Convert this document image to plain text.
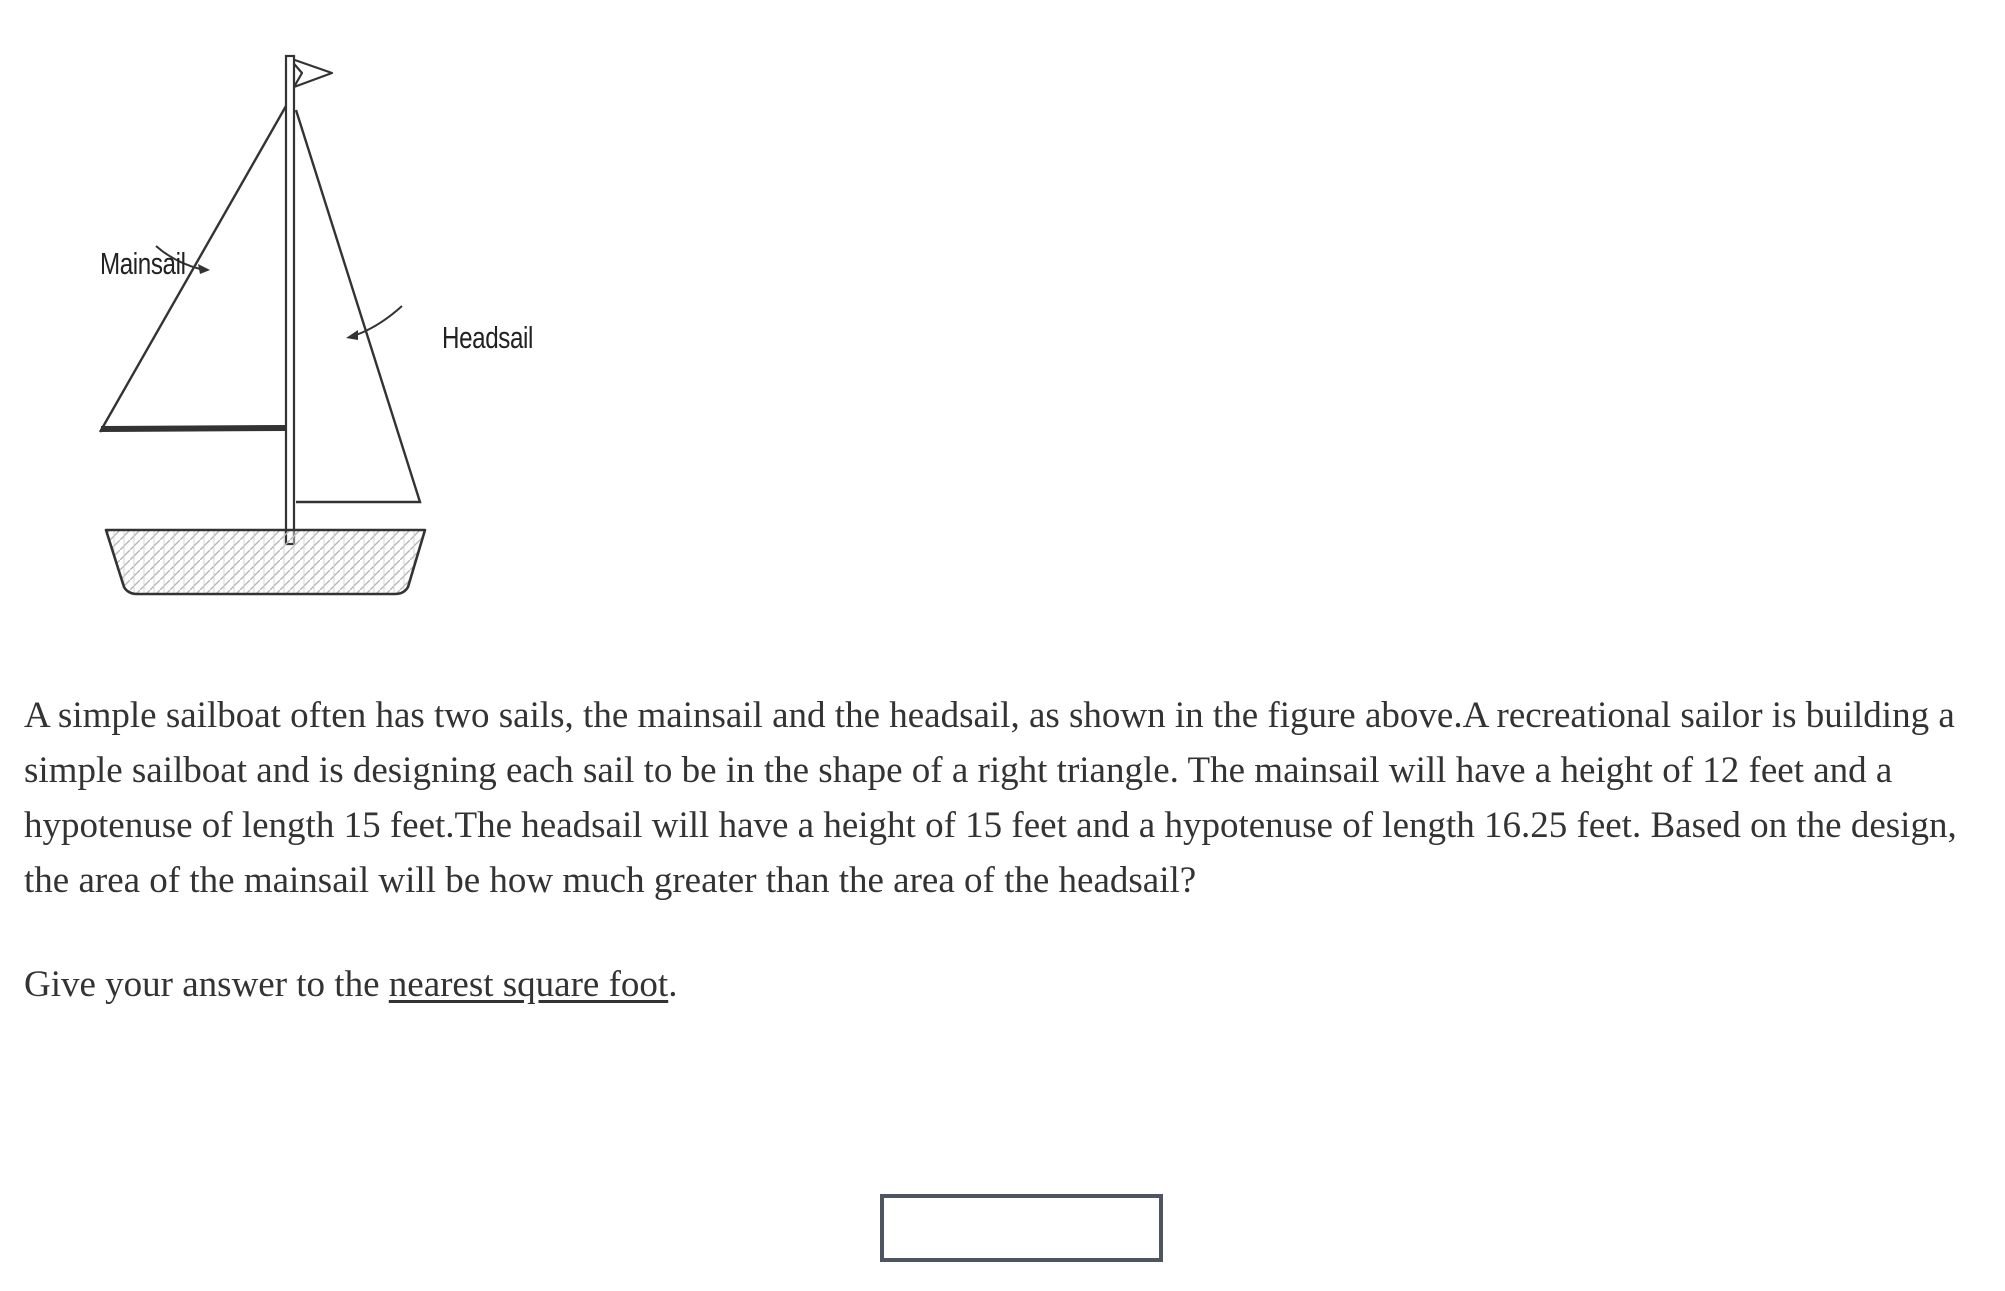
Mainsail
Headsail

A simple sailboat often has two sails, the mainsail and the headsail, as shown in the figure above.A recreational sailor is building a simple sailboat and is designing each sail to be in the shape of a right triangle. The mainsail will have a height of 12 feet and a hypotenuse of length 15 feet.The headsail will have a height of 15 feet and a hypotenuse of length 16.25 feet. Based on the design, the area of the mainsail will be how much greater than the area of the headsail?

Give your answer to the nearest square foot.
